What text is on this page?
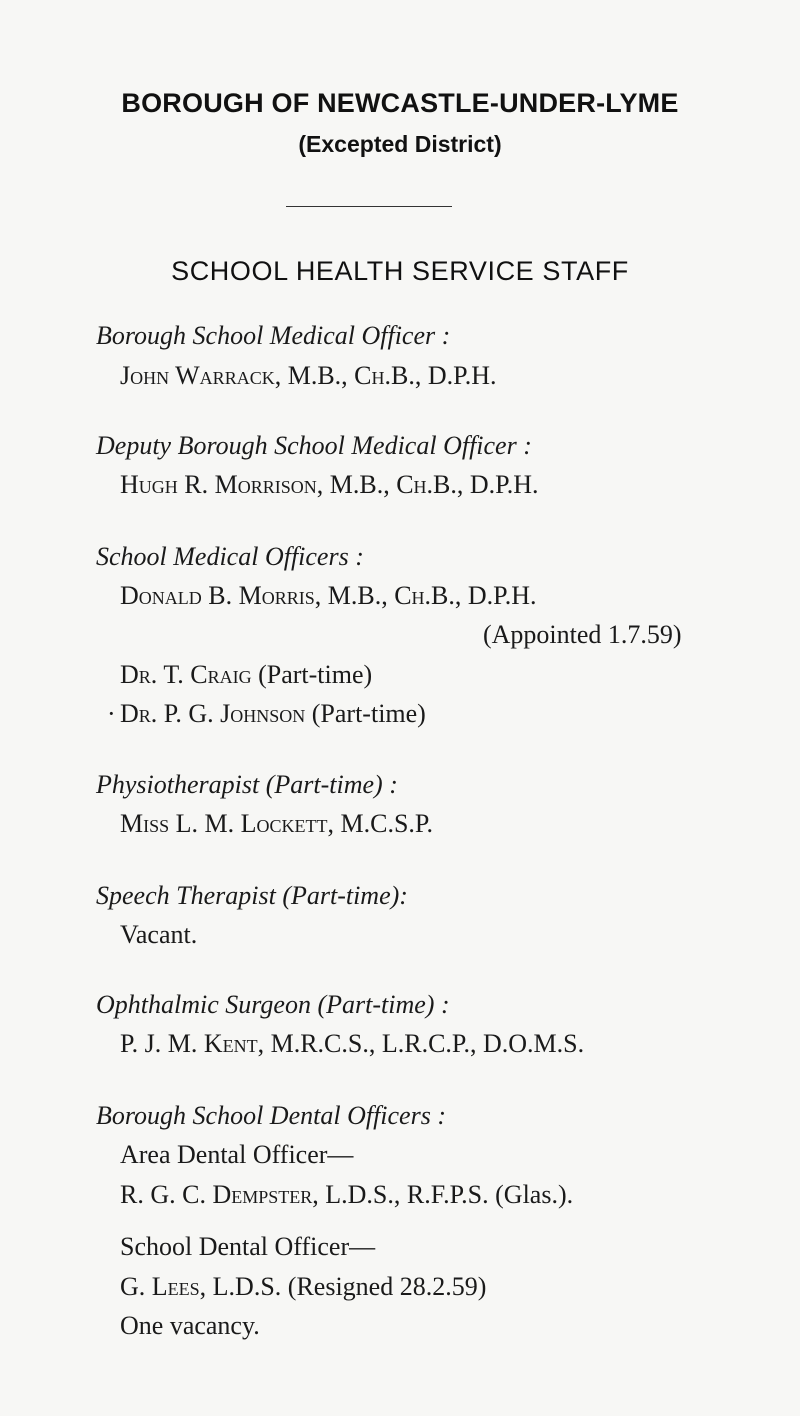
BOROUGH OF NEWCASTLE-UNDER-LYME
(Excepted District)
SCHOOL HEALTH SERVICE STAFF
Borough School Medical Officer :
John Warrack, M.B., Ch.B., D.P.H.
Deputy Borough School Medical Officer :
Hugh R. Morrison, M.B., Ch.B., D.P.H.
School Medical Officers :
Donald B. Morris, M.B., Ch.B., D.P.H.
(Appointed 1.7.59)
Dr. T. Craig (Part-time)
· Dr. P. G. Johnson (Part-time)
Physiotherapist (Part-time) :
Miss L. M. Lockett, M.C.S.P.
Speech Therapist (Part-time):
Vacant.
Ophthalmic Surgeon (Part-time) :
P. J. M. Kent, M.R.C.S., L.R.C.P., D.O.M.S.
Borough School Dental Officers :
Area Dental Officer—
R. G. C. Dempster, L.D.S., R.F.P.S. (Glas.).
School Dental Officer—
G. Lees, L.D.S. (Resigned 28.2.59)
One vacancy.
